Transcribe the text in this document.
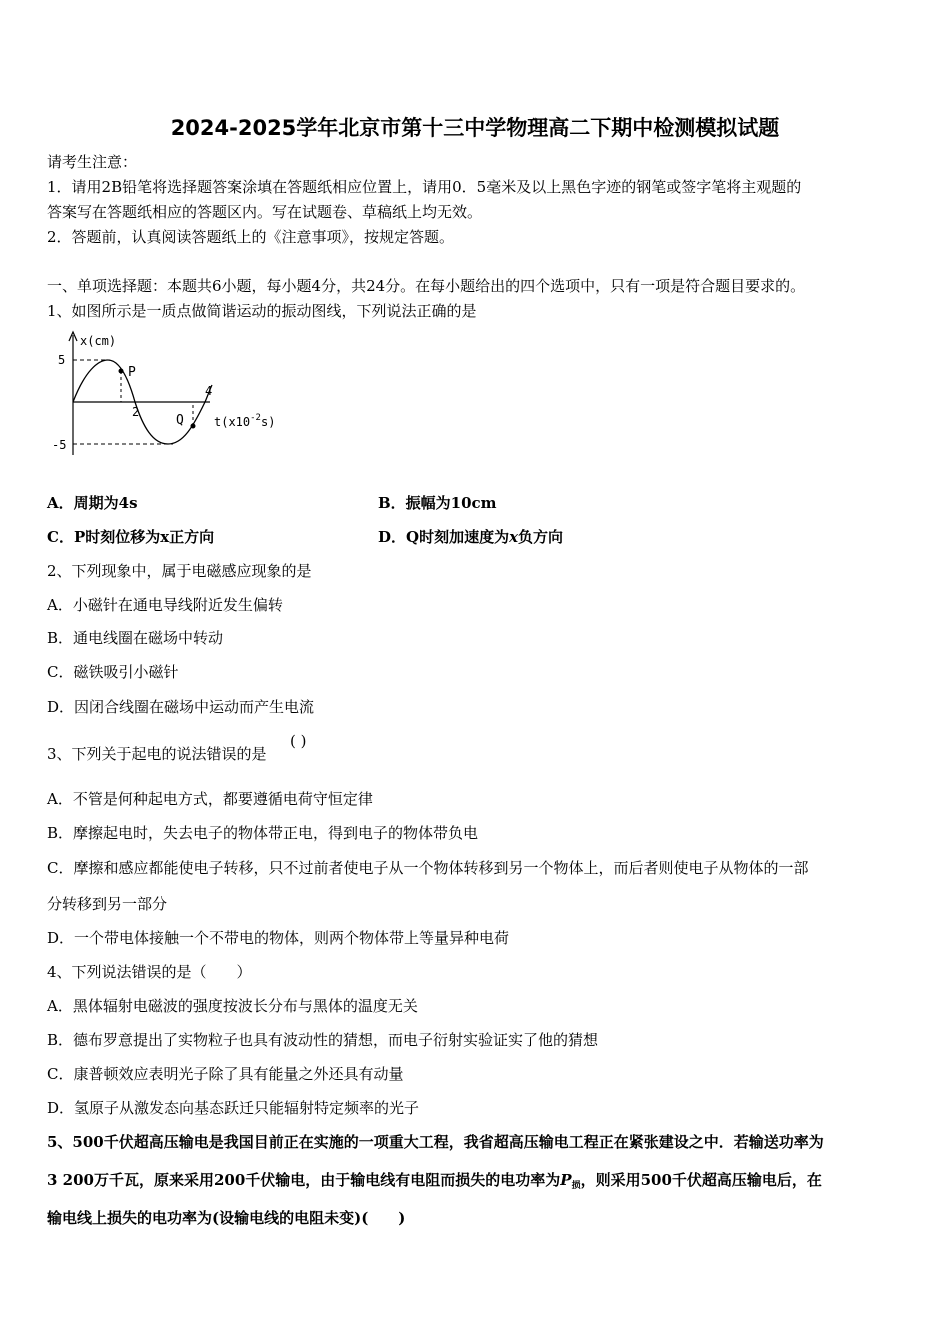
2024-2025学年北京市第十三中学物理高二下期中检测模拟试题
请考生注意：
1．请用2B铅笔将选择题答案涂填在答题纸相应位置上，请用0．5毫米及以上黑色字迹的钢笔或签字笔将主观题的
答案写在答题纸相应的答题区内。写在试题卷、草稿纸上均无效。
2．答题前，认真阅读答题纸上的《注意事项》，按规定答题。
一、单项选择题：本题共6小题，每小题4分，共24分。在每小题给出的四个选项中，只有一项是符合题目要求的。
1、如图所示是一质点做简谐运动的振动图线，下列说法正确的是
x(cm)
5
-5
2
4
P
Q	$t(x10^{-2}s)$
A．周期为4s	B．振幅为10cm
C．P时刻位移为x正方向	D．Q时刻加速度为x负方向
2、下列现象中，属于电磁感应现象的是
A．小磁针在通电导线附近发生偏转
B．通电线圈在磁场中转动
C．磁铁吸引小磁针
D．因闭合线圈在磁场中运动而产生电流
3、下列关于起电的说法错误的是
( )
A．不管是何种起电方式，都要遵循电荷守恒定律
B．摩擦起电时，失去电子的物体带正电，得到电子的物体带负电
C．摩擦和感应都能使电子转移，只不过前者使电子从一个物体转移到另一个物体上，而后者则使电子从物体的一部
分转移到另一部分
D．一个带电体接触一个不带电的物体，则两个物体带上等量异种电荷
4、下列说法错误的是（　　）
A．黑体辐射电磁波的强度按波长分布与黑体的温度无关
B．德布罗意提出了实物粒子也具有波动性的猜想，而电子衍射实验证实了他的猜想
C．康普顿效应表明光子除了具有能量之外还具有动量
D．氢原子从激发态向基态跃迁只能辐射特定频率的光子
5、500千伏超高压输电是我国目前正在实施的一项重大工程，我省超高压输电工程正在紧张建设之中．若输送功率为
3 200万千瓦，原来采用200千伏输电，由于输电线有电阻而损失的电功率为$P_损$，则采用500千伏超高压输电后，在
输电线上损失的电功率为(设输电线的电阻未变)(　　)
